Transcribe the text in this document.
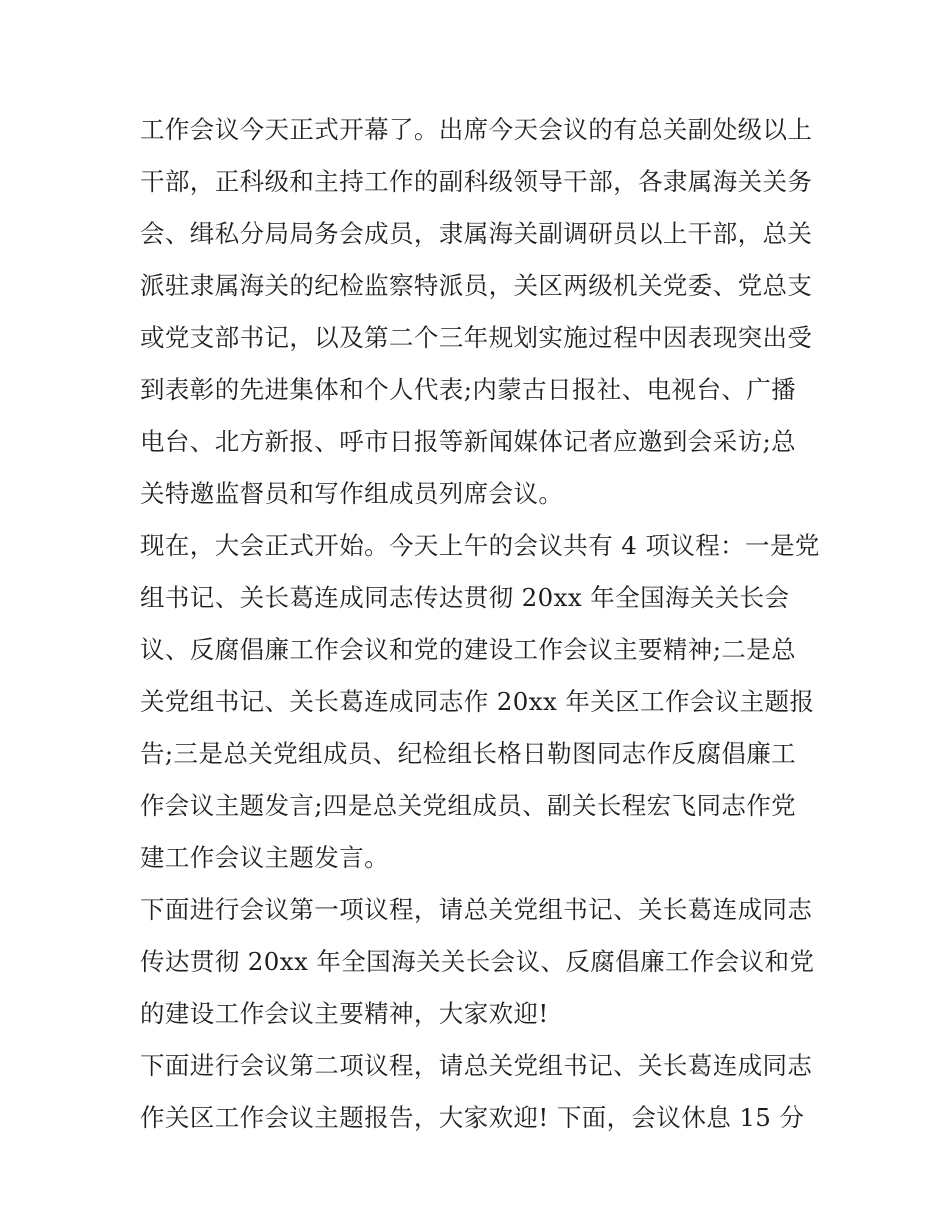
工作会议今天正式开幕了。出席今天会议的有总关副处级以上
干部，正科级和主持工作的副科级领导干部，各隶属海关关务
会、缉私分局局务会成员，隶属海关副调研员以上干部，总关
派驻隶属海关的纪检监察特派员，关区两级机关党委、党总支
或党支部书记，以及第二个三年规划实施过程中因表现突出受
到表彰的先进集体和个人代表;内蒙古日报社、电视台、广播
电台、北方新报、呼市日报等新闻媒体记者应邀到会采访;总
关特邀监督员和写作组成员列席会议。
现在，大会正式开始。今天上午的会议共有 4 项议程：一是党
组书记、关长葛连成同志传达贯彻 20xx 年全国海关关长会
议、反腐倡廉工作会议和党的建设工作会议主要精神;二是总
关党组书记、关长葛连成同志作 20xx 年关区工作会议主题报
告;三是总关党组成员、纪检组长格日勒图同志作反腐倡廉工
作会议主题发言;四是总关党组成员、副关长程宏飞同志作党
建工作会议主题发言。
下面进行会议第一项议程，请总关党组书记、关长葛连成同志
传达贯彻 20xx 年全国海关关长会议、反腐倡廉工作会议和党
的建设工作会议主要精神，大家欢迎!
下面进行会议第二项议程，请总关党组书记、关长葛连成同志
作关区工作会议主题报告，大家欢迎! 下面，会议休息 15 分
